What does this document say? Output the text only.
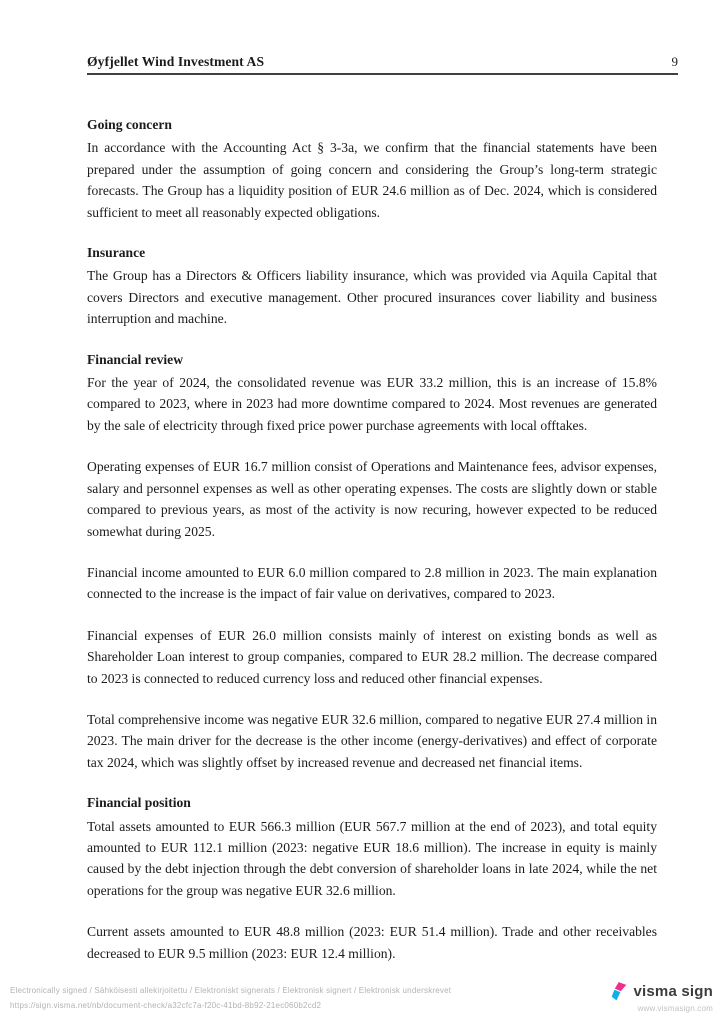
Øyfjellet Wind Investment AS	9
Going concern

In accordance with the Accounting Act § 3-3a, we confirm that the financial statements have been prepared under the assumption of going concern and considering the Group’s long-term strategic forecasts. The Group has a liquidity position of EUR 24.6 million as of Dec. 2024, which is considered sufficient to meet all reasonably expected obligations.

Insurance

The Group has a Directors & Officers liability insurance, which was provided via Aquila Capital that covers Directors and executive management. Other procured insurances cover liability and business interruption and machine.

Financial review

For the year of 2024, the consolidated revenue was EUR 33.2 million, this is an increase of 15.8% compared to 2023, where in 2023 had more downtime compared to 2024. Most revenues are generated by the sale of electricity through fixed price power purchase agreements with local offtakes.

Operating expenses of EUR 16.7 million consist of Operations and Maintenance fees, advisor expenses, salary and personnel expenses as well as other operating expenses. The costs are slightly down or stable compared to previous years, as most of the activity is now recuring, however expected to be reduced somewhat during 2025.

Financial income amounted to EUR 6.0 million compared to 2.8 million in 2023. The main explanation connected to the increase is the impact of fair value on derivatives, compared to 2023.

Financial expenses of EUR 26.0 million consists mainly of interest on existing bonds as well as Shareholder Loan interest to group companies, compared to EUR 28.2 million. The decrease compared to 2023 is connected to reduced currency loss and reduced other financial expenses.

Total comprehensive income was negative EUR 32.6 million, compared to negative EUR 27.4 million in 2023. The main driver for the decrease is the other income (energy-derivatives) and effect of corporate tax 2024, which was slightly offset by increased revenue and decreased net financial items.

Financial position

Total assets amounted to EUR 566.3 million (EUR 567.7 million at the end of 2023), and total equity amounted to EUR 112.1 million (2023: negative EUR 18.6 million). The increase in equity is mainly caused by the debt injection through the debt conversion of shareholder loans in late 2024, while the net operations for the group was negative EUR 32.6 million.

Current assets amounted to EUR 48.8 million (2023: EUR 51.4 million). Trade and other receivables decreased to EUR 9.5 million (2023: EUR 12.4 million).

Electronically signed / Sähköisesti allekirjoitettu / Elektroniskt signerats / Elektronisk signert / Elektronisk underskrevet
https://sign.visma.net/nb/document-check/a32cfc7a-f20c-41bd-8b92-21ec060b2cd2
visma sign
www.vismasign.com
